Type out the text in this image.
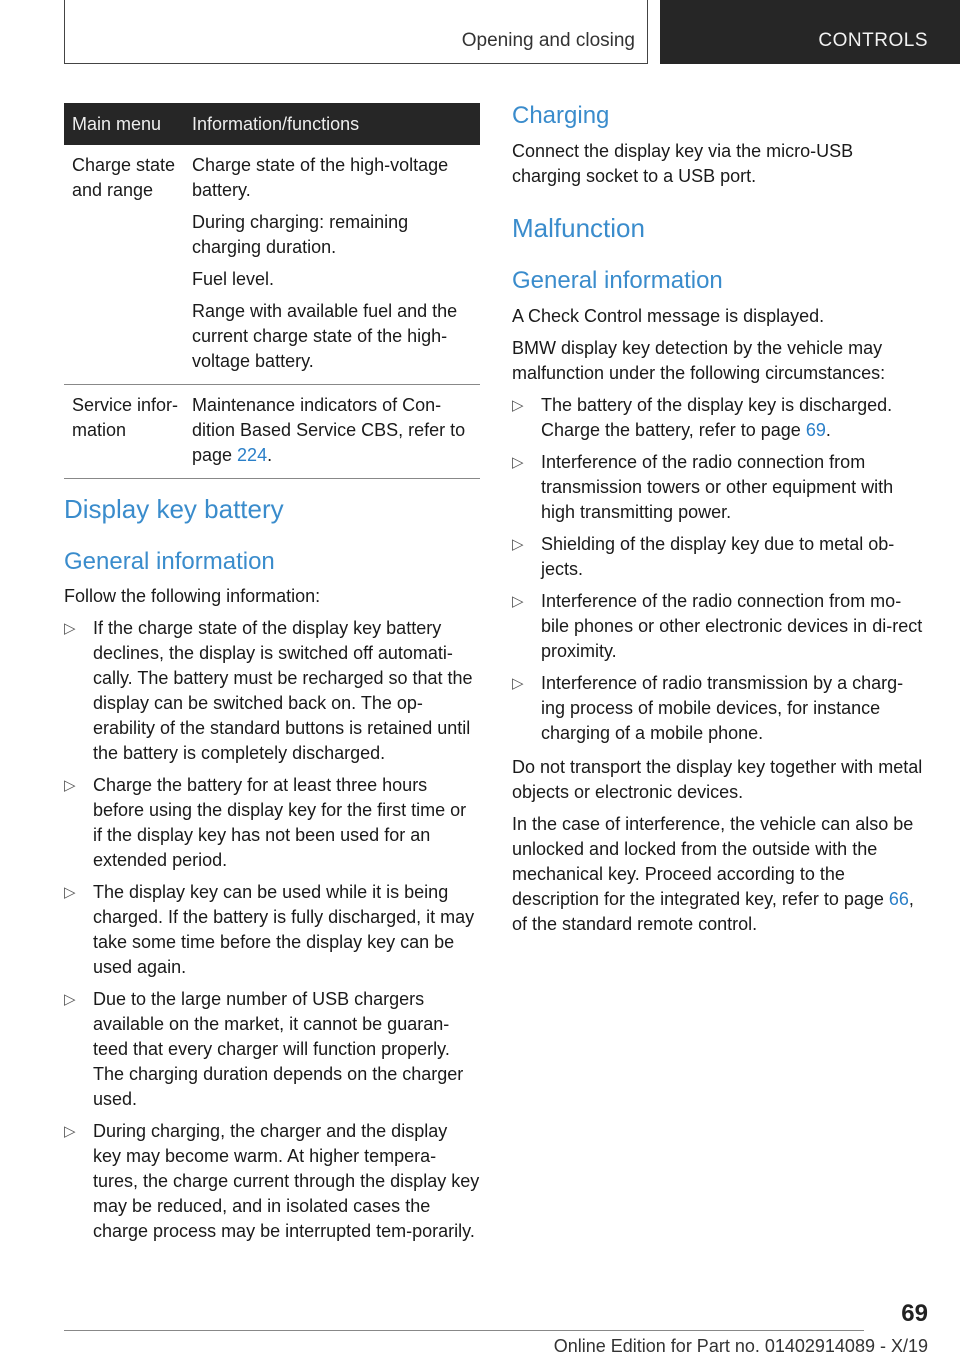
Opening and closing	CONTROLS
Main menu	Information/functions
Charge state and range

Charge state of the high-voltage battery.

During charging: remaining charging duration.

Fuel level.

Range with available fuel and the current charge state of the high-voltage battery.

Service infor-mation

Maintenance indicators of Con-dition Based Service CBS, refer to page 224.

Display key battery
General information

Follow the following information:

▷ If the charge state of the display key battery declines, the display is switched off automati-cally. The battery must be recharged so that the display can be switched back on. The op-erability of the standard buttons is retained until the battery is completely discharged.
▷ Charge the battery for at least three hours before using the display key for the first time or if the display key has not been used for an extended period.
▷ The display key can be used while it is being charged. If the battery is fully discharged, it may take some time before the display key can be used again.
▷ Due to the large number of USB chargers available on the market, it cannot be guaran-teed that every charger will function properly. The charging duration depends on the charger used.
▷ During charging, the charger and the display key may become warm. At higher tempera-tures, the charge current through the display key may be reduced, and in isolated cases the charge process may be interrupted tem-porarily.
Charging

Connect the display key via the micro-USB charging socket to a USB port.

Malfunction
General information

A Check Control message is displayed.

BMW display key detection by the vehicle may malfunction under the following circumstances:

▷ The battery of the display key is discharged. Charge the battery, refer to page 69.
▷ Interference of the radio connection from transmission towers or other equipment with high transmitting power.
▷ Shielding of the display key due to metal ob-jects.
▷ Interference of the radio connection from mo-bile phones or other electronic devices in di-rect proximity.
▷ Interference of radio transmission by a charg-ing process of mobile devices, for instance charging of a mobile phone.

Do not transport the display key together with metal objects or electronic devices.

In the case of interference, the vehicle can also be unlocked and locked from the outside with the mechanical key. Proceed according to the description for the integrated key, refer to page 66, of the standard remote control.

69
Online Edition for Part no. 01402914089 - X/19
